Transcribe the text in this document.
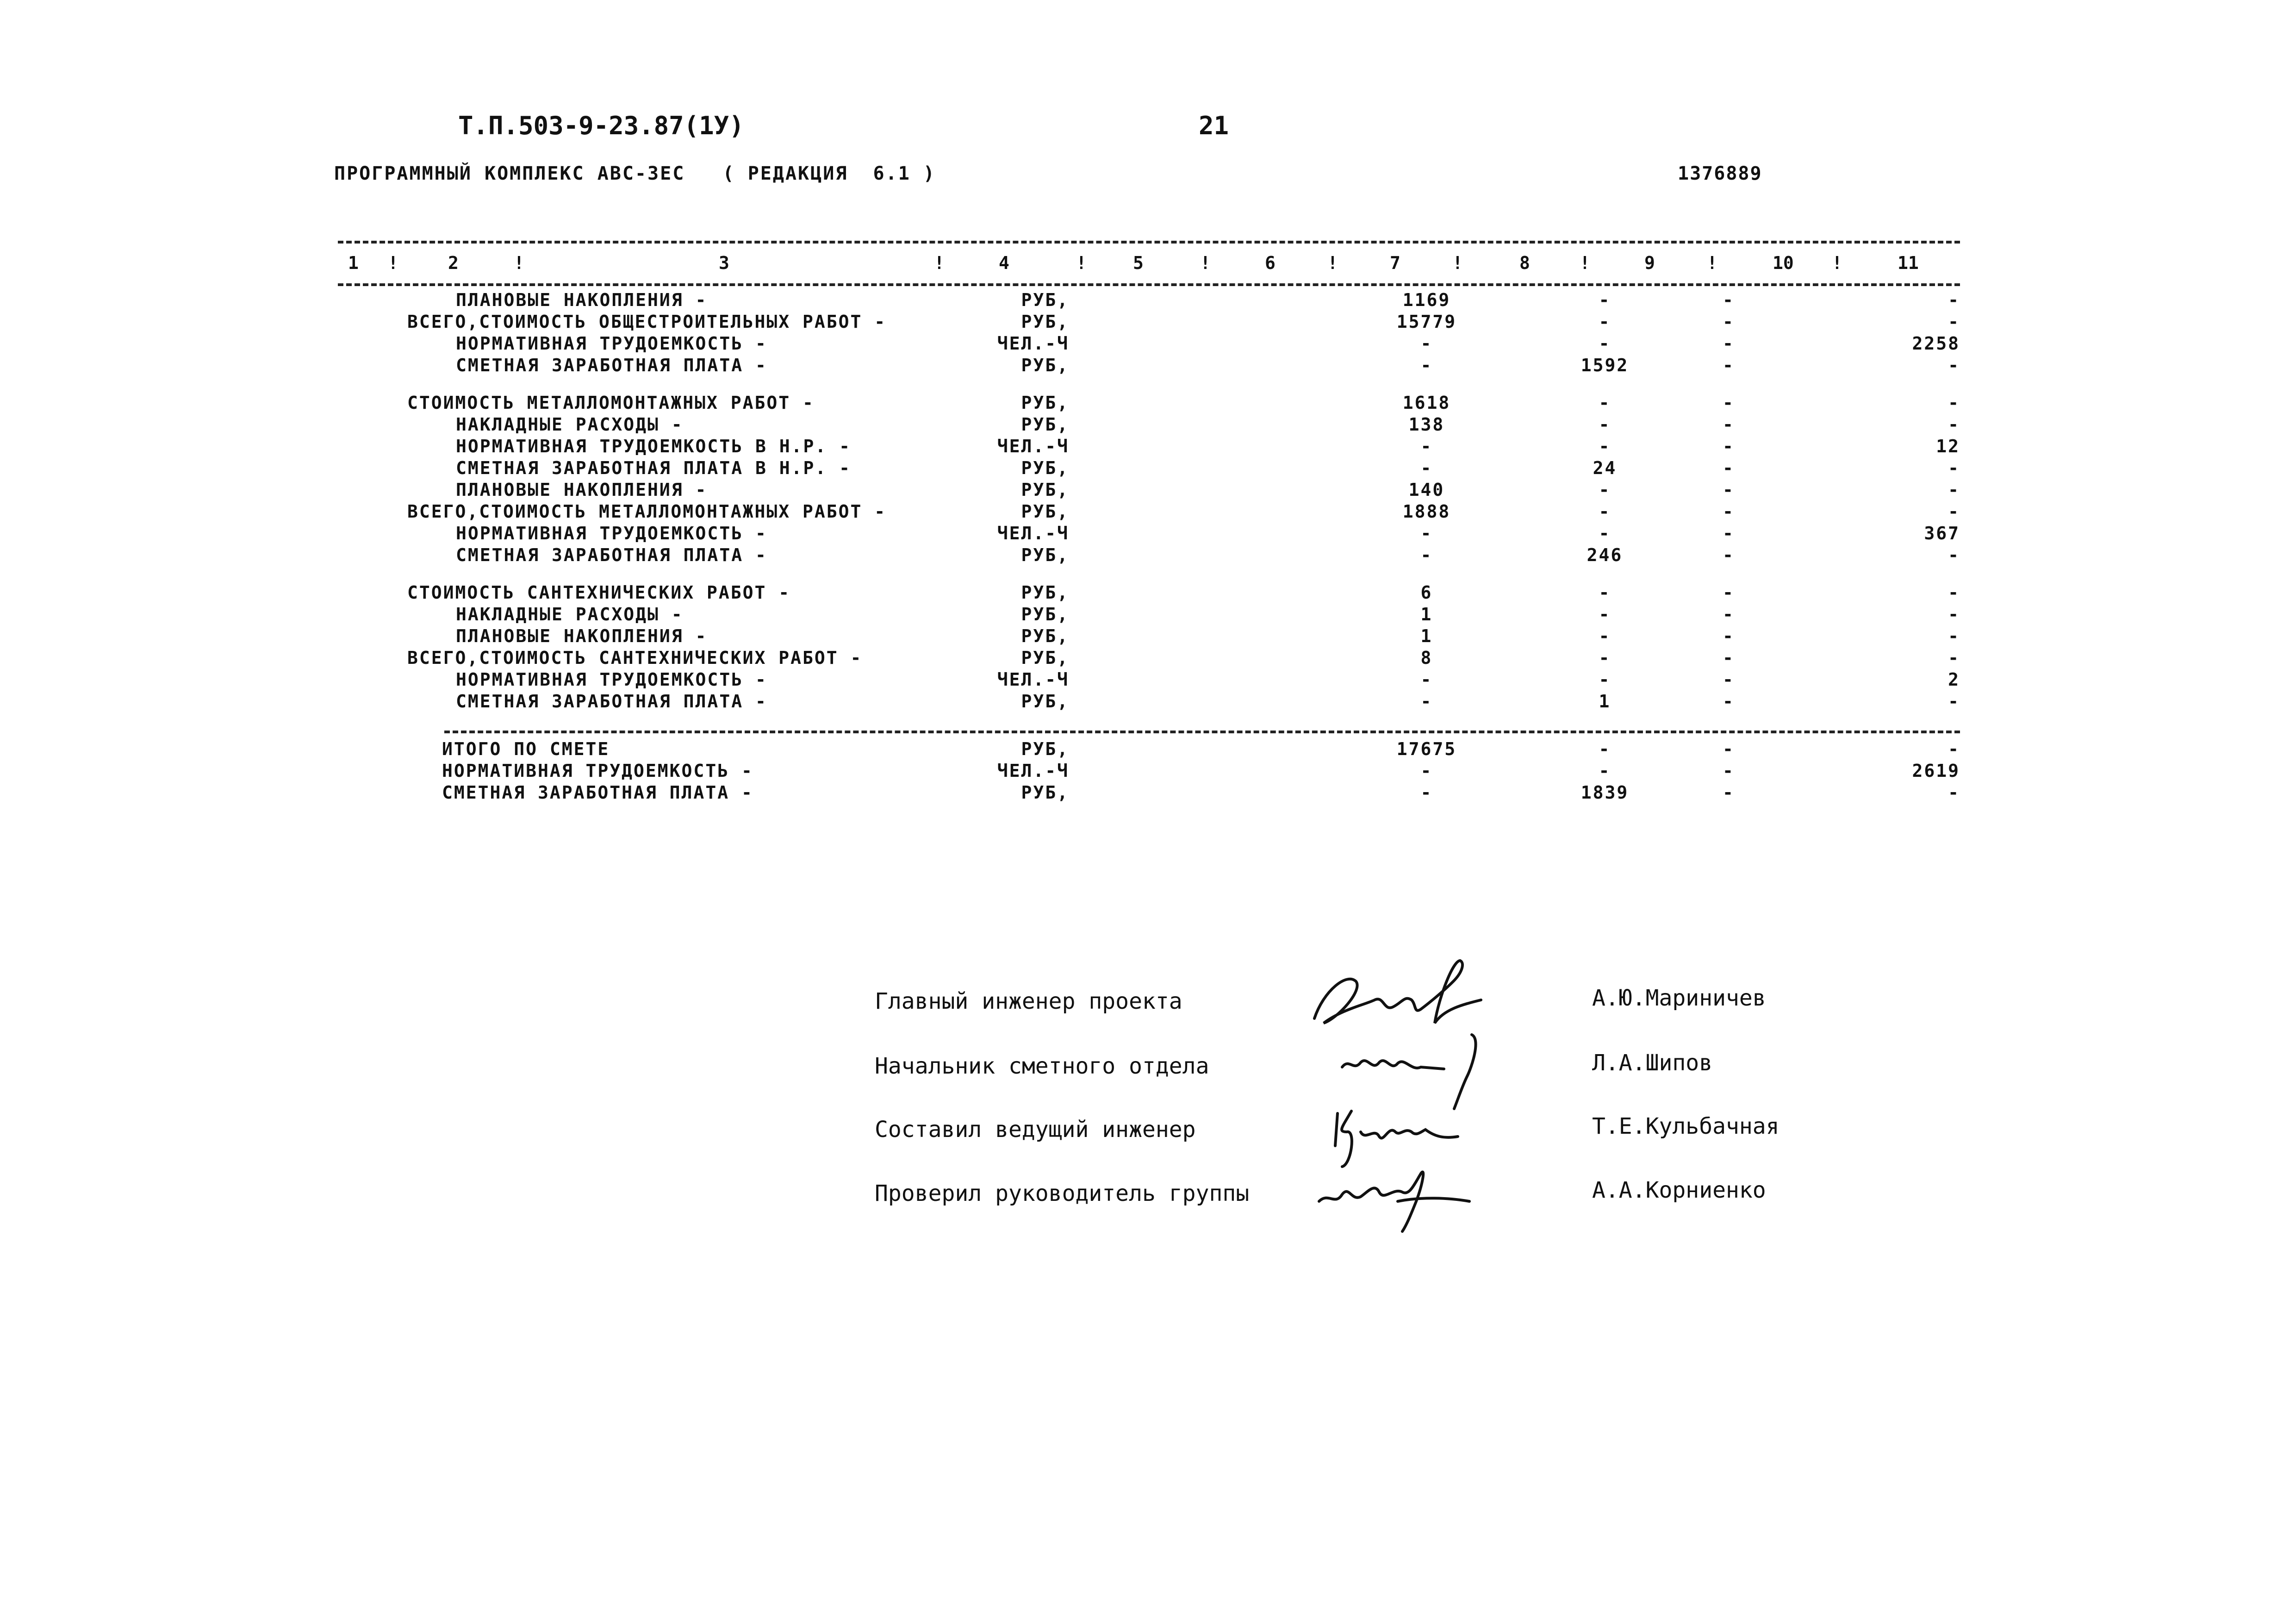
Т.П.503-9-23.87(1У)	21
ПРОГРАММНЫЙ КОМПЛЕКС АВС-ЗЕС   ( РЕДАКЦИЯ  6.1 )	1376889
1	2	3	4	5	6	7	8	9	10	11
!	!	!	!	!	!	!	!	!	!
ПЛАНОВЫЕ НАКОПЛЕНИЯ -	РУБ,		1169	-	-	-
ВСЕГО,СТОИМОСТЬ ОБЩЕСТРОИТЕЛЬНЫХ РАБОТ -	РУБ,		15779	-	-	-
НОРМАТИВНАЯ ТРУДОЕМКОСТЬ -	ЧЕЛ.-Ч		-	-	-	2258
СМЕТНАЯ ЗАРАБОТНАЯ ПЛАТА -	РУБ,		-	1592	-	-

СТОИМОСТЬ МЕТАЛЛОМОНТАЖНЫХ РАБОТ -	РУБ,		1618	-	-	-
НАКЛАДНЫЕ РАСХОДЫ -	РУБ,		138	-	-	-
НОРМАТИВНАЯ ТРУДОЕМКОСТЬ В Н.Р. -	ЧЕЛ.-Ч		-	-	-	12
СМЕТНАЯ ЗАРАБОТНАЯ ПЛАТА В Н.Р. -	РУБ,		-	24	-	-
ПЛАНОВЫЕ НАКОПЛЕНИЯ -	РУБ,		140	-	-	-
ВСЕГО,СТОИМОСТЬ МЕТАЛЛОМОНТАЖНЫХ РАБОТ -	РУБ,		1888	-	-	-
НОРМАТИВНАЯ ТРУДОЕМКОСТЬ -	ЧЕЛ.-Ч		-	-	-	367
СМЕТНАЯ ЗАРАБОТНАЯ ПЛАТА -	РУБ,		-	246	-	-

СТОИМОСТЬ САНТЕХНИЧЕСКИХ РАБОТ -	РУБ,		6	-	-	-
НАКЛАДНЫЕ РАСХОДЫ -	РУБ,		1	-	-	-
ПЛАНОВЫЕ НАКОПЛЕНИЯ -	РУБ,		1	-	-	-
ВСЕГО,СТОИМОСТЬ САНТЕХНИЧЕСКИХ РАБОТ -	РУБ,		8	-	-	-
НОРМАТИВНАЯ ТРУДОЕМКОСТЬ -	ЧЕЛ.-Ч		-	-	-	2
СМЕТНАЯ ЗАРАБОТНАЯ ПЛАТА -	РУБ,		-	1	-	-
ИТОГО ПО СМЕТЕ	РУБ,		17675	-	-	-
НОРМАТИВНАЯ ТРУДОЕМКОСТЬ -	ЧЕЛ.-Ч		-	-	-	2619
СМЕТНАЯ ЗАРАБОТНАЯ ПЛАТА -	РУБ,		-	1839	-	-
Главный инженер проекта
Начальник сметного отдела
Составил ведущий инженер
Проверил руководитель группы
А.Ю.Мариничев
Л.А.Шипов
Т.Е.Кульбачная
А.А.Корниенко
